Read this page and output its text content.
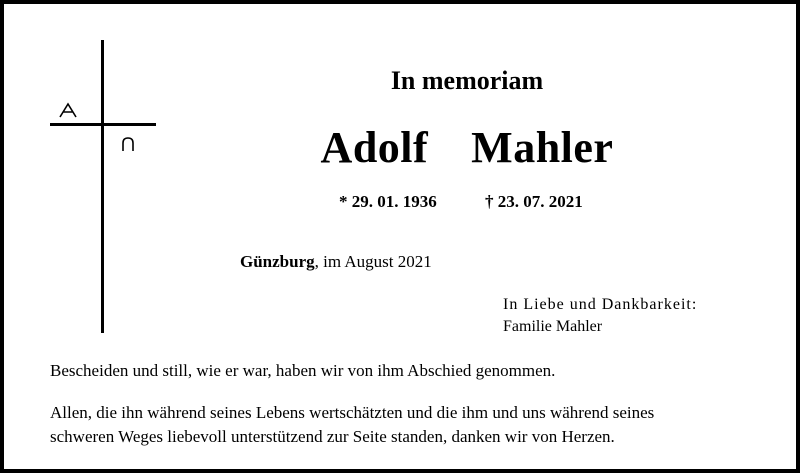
In memoriam
Adolf  Mahler
* 29. 01. 1936	† 23. 07. 2021
Günzburg, im August 2021
In Liebe und Dankbarkeit:
Familie Mahler
Bescheiden und still, wie er war, haben wir von ihm Abschied genommen.
Allen, die ihn während seines Lebens wertschätzten und die ihm und uns während seines
schweren Weges liebevoll unterstützend zur Seite standen, danken wir von Herzen.
